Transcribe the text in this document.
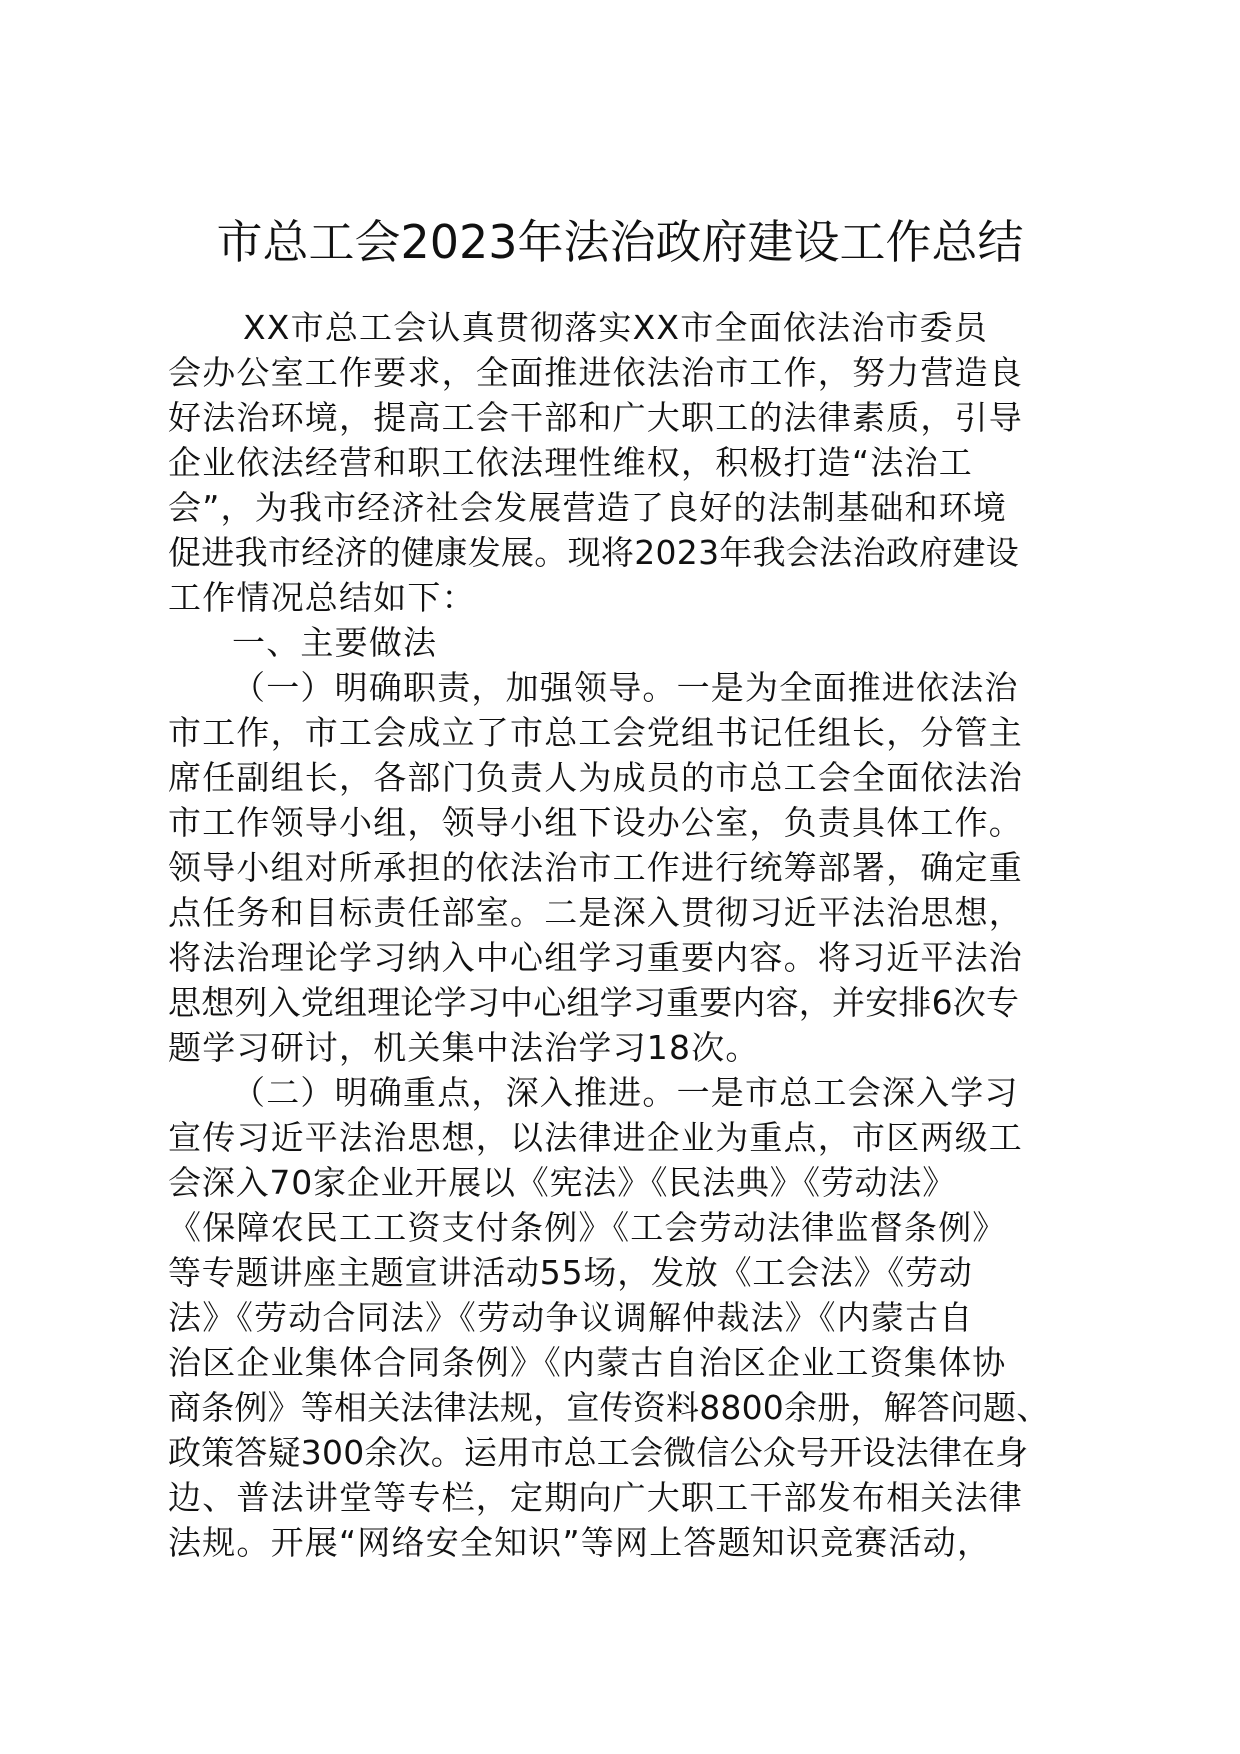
市总工会2023年法治政府建设工作总结
XX市总工会认真贯彻落实XX市全面依法治市委员
会办公室工作要求，全面推进依法治市工作，努力营造良
好法治环境，提高工会干部和广大职工的法律素质，引导
企业依法经营和职工依法理性维权，积极打造“法治工
会”，为我市经济社会发展营造了良好的法制基础和环境
促进我市经济的健康发展。现将2023年我会法治政府建设
工作情况总结如下：
一、主要做法
（一）明确职责，加强领导。一是为全面推进依法治
市工作，市工会成立了市总工会党组书记任组长，分管主
席任副组长，各部门负责人为成员的市总工会全面依法治
市工作领导小组，领导小组下设办公室，负责具体工作。
领导小组对所承担的依法治市工作进行统筹部署，确定重
点任务和目标责任部室。二是深入贯彻习近平法治思想，
将法治理论学习纳入中心组学习重要内容。将习近平法治
思想列入党组理论学习中心组学习重要内容，并安排6次专
题学习研讨，机关集中法治学习18次。
（二）明确重点，深入推进。一是市总工会深入学习
宣传习近平法治思想，以法律进企业为重点，市区两级工
会深入70家企业开展以《宪法》《民法典》《劳动法》
《保障农民工工资支付条例》《工会劳动法律监督条例》
等专题讲座主题宣讲活动55场，发放《工会法》《劳动
法》《劳动合同法》《劳动争议调解仲裁法》《内蒙古自
治区企业集体合同条例》《内蒙古自治区企业工资集体协
商条例》等相关法律法规，宣传资料8800余册，解答问题、
政策答疑300余次。运用市总工会微信公众号开设法律在身
边、普法讲堂等专栏，定期向广大职工干部发布相关法律
法规。开展“网络安全知识”等网上答题知识竞赛活动，
